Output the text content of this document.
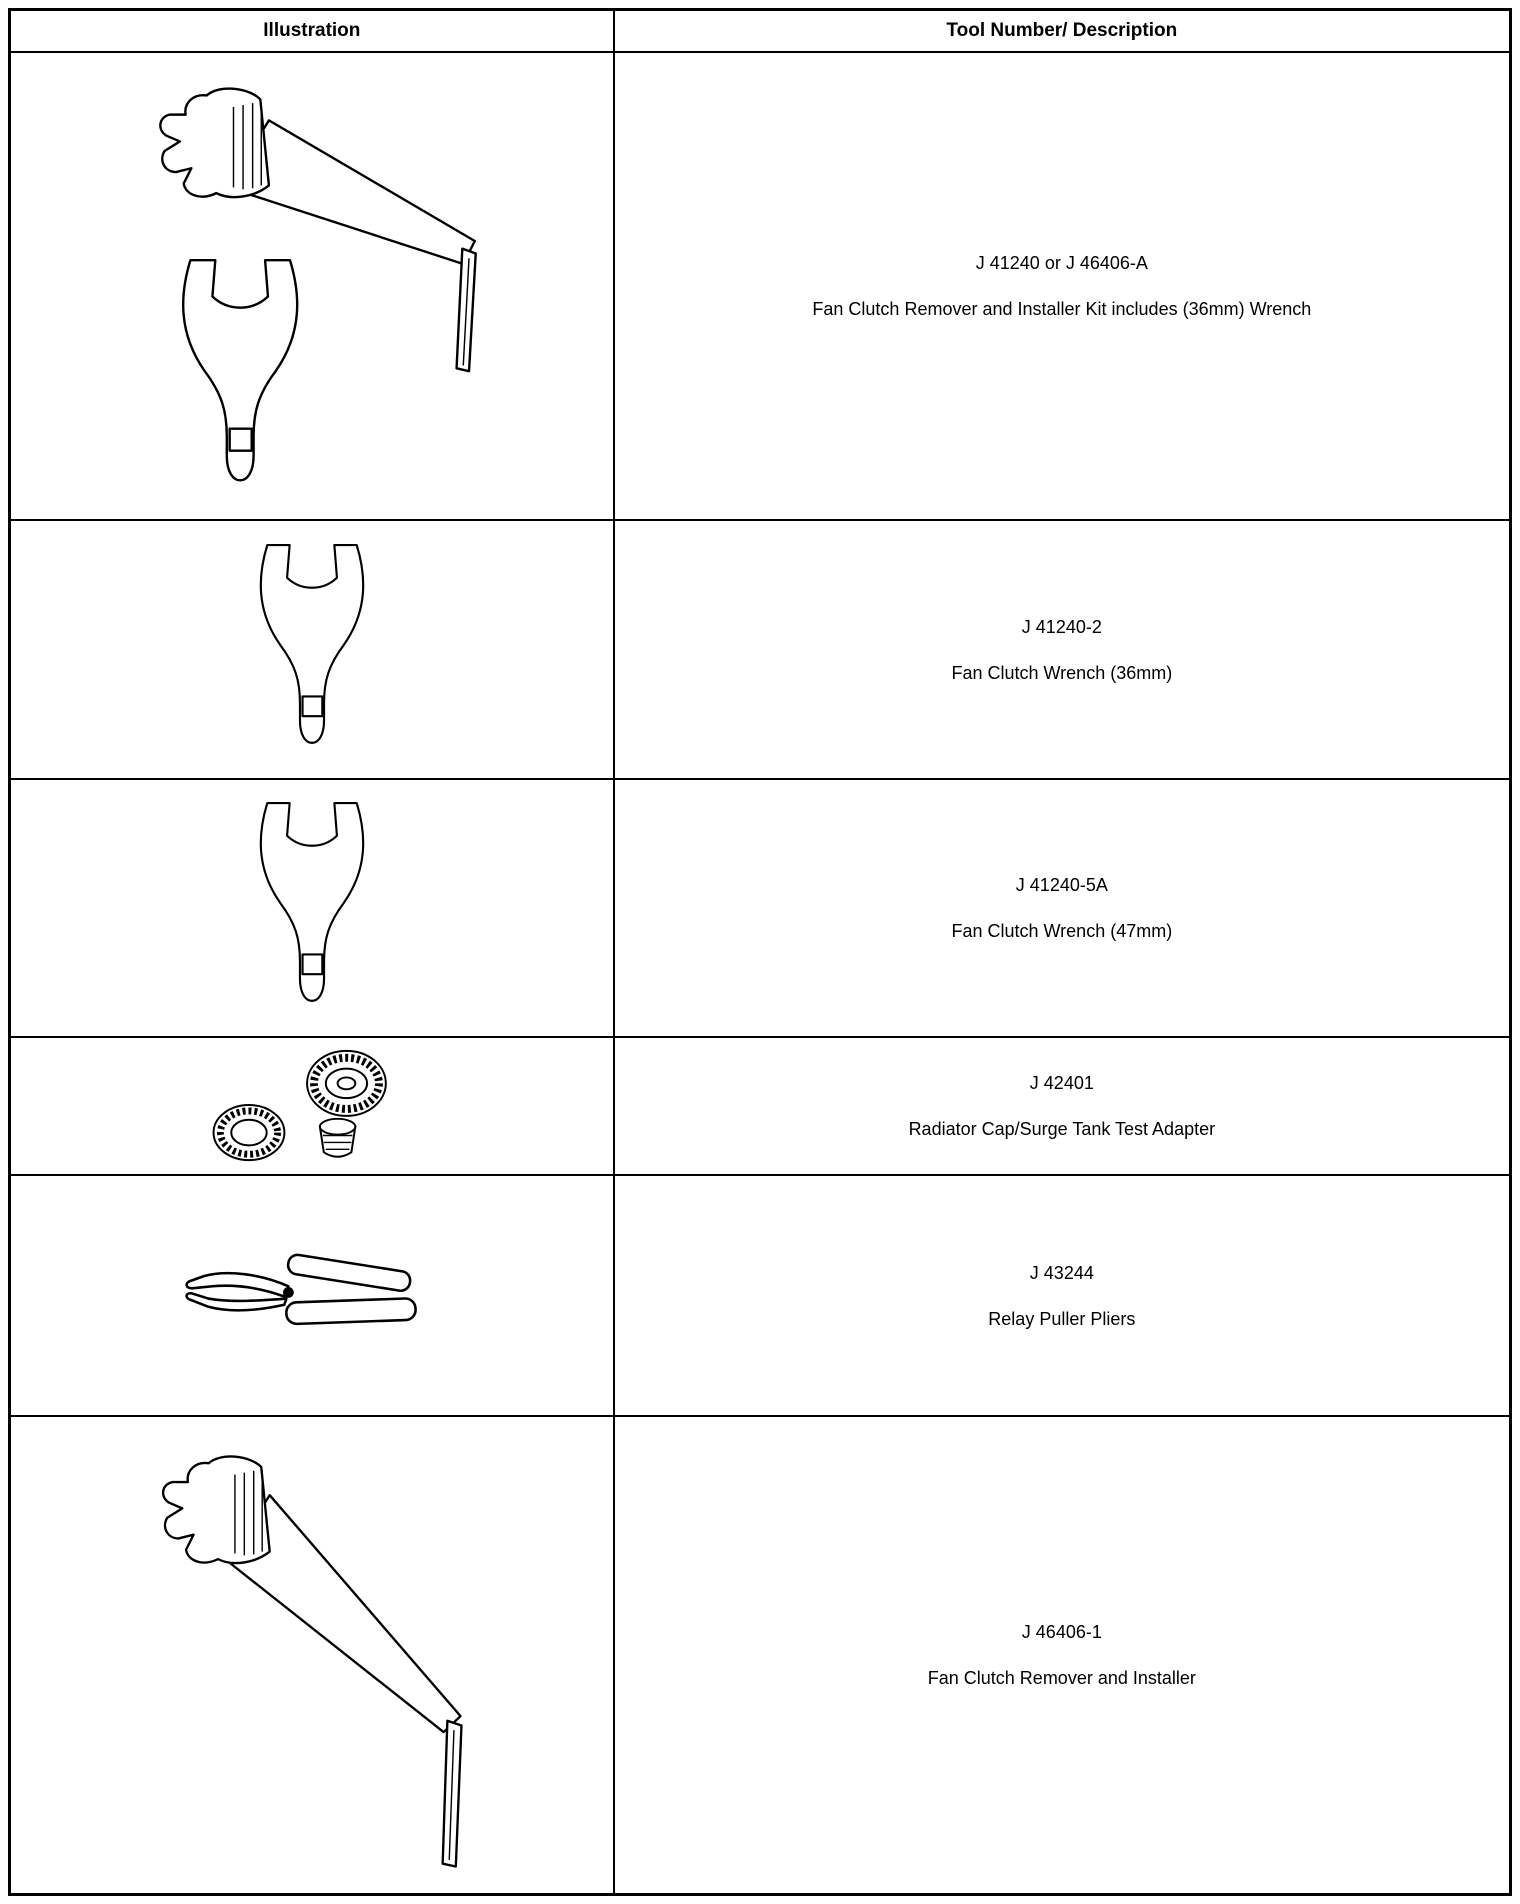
Illustration	Tool Number/ Description
J 41240 or J 46406-A
Fan Clutch Remover and Installer Kit includes (36mm) Wrench
J 41240-2
Fan Clutch Wrench (36mm)
J 41240-5A
Fan Clutch Wrench (47mm)
J 42401
Radiator Cap/Surge Tank Test Adapter
J 43244
Relay Puller Pliers
J 46406-1
Fan Clutch Remover and Installer
